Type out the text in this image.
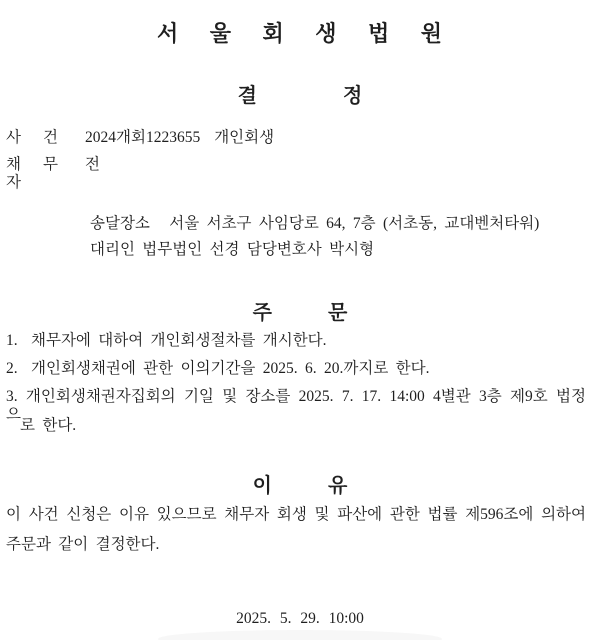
서 울 회 생 법 원
결	정
사 건 2024개회1223655 개인회생
채 무 자
전
송달장소 서울 서초구 사임당로 64, 7층 (서초동, 교대벤처타워)
대리인 법무법인 선경 담당변호사 박시형
주	문
1. 채무자에 대하여 개인회생절차를 개시한다.
2. 개인회생채권에 관한 이의기간을 2025. 6. 20.까지로 한다.
3. 개인회생채권자집회의 기일 및 장소를 2025. 7. 17. 14:00 4별관 3층 제9호 법정으
로 한다.
이	유
이 사건 신청은 이유 있으므로 채무자 회생 및 파산에 관한 법률 제596조에 의하여
주문과 같이 결정한다.
2025. 5. 29. 10:00
